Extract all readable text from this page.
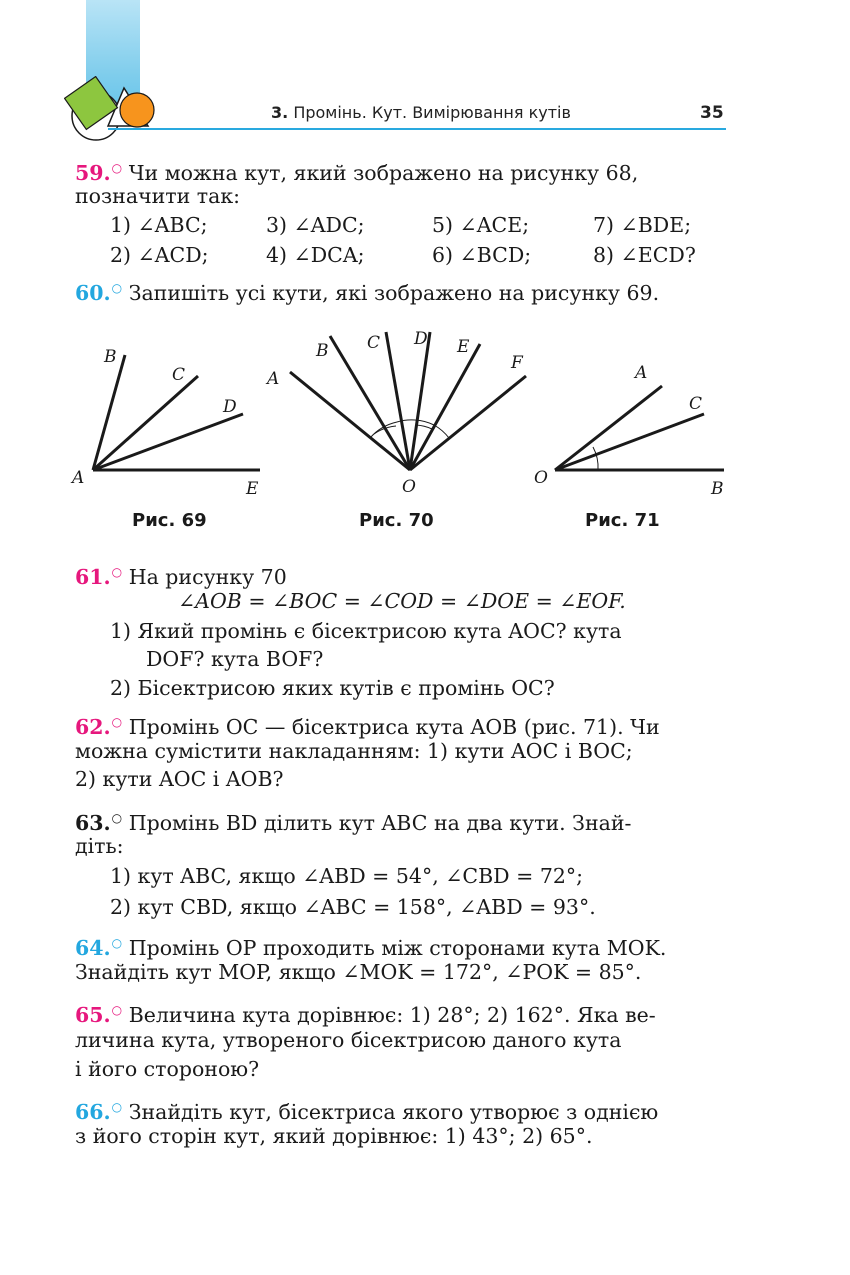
3. Промінь. Кут. Вимірювання кутів	35
59.○ Чи можна кут, який зображено на рисунку 68,
позначити так:
1) ∠ABC;	3) ∠ADC;	5) ∠ACE;	7) ∠BDE;
2) ∠ACD;	4) ∠DCA;	6) ∠BCD;	8) ∠ECD?
60.○ Запишіть усі кути, які зображено на рисунку 69.
B
C
D
A
E
A
B C D E
F
O
A
C
O
B
Рис. 69	Рис. 70	Рис. 71
61.○ На рисунку 70
∠AOB = ∠BOC = ∠COD = ∠DOE = ∠EOF.
1) Який промінь є бісектрисою кута AOC? кута
DOF? кута BOF?
2) Бісектрисою яких кутів є промінь OC?
62.○ Промінь OC — бісектриса кута AOB (рис. 71). Чи
можна сумістити накладанням: 1) кути AOC і BOC;
2) кути AOC і AOB?
63.○ Промінь BD ділить кут ABC на два кути. Знай-
діть:
1) кут ABC, якщо ∠ABD = 54°, ∠CBD = 72°;
2) кут CBD, якщо ∠ABC = 158°, ∠ABD = 93°.
64.○ Промінь OP проходить між сторонами кута MOK.
Знайдіть кут MOP, якщо ∠MOK = 172°, ∠POK = 85°.
65.○ Величина кута дорівнює: 1) 28°; 2) 162°. Яка ве-
личина кута, утвореного бісектрисою даного кута
і його стороною?
66.○ Знайдіть кут, бісектриса якого утворює з однією
з його сторін кут, який дорівнює: 1) 43°; 2) 65°.
